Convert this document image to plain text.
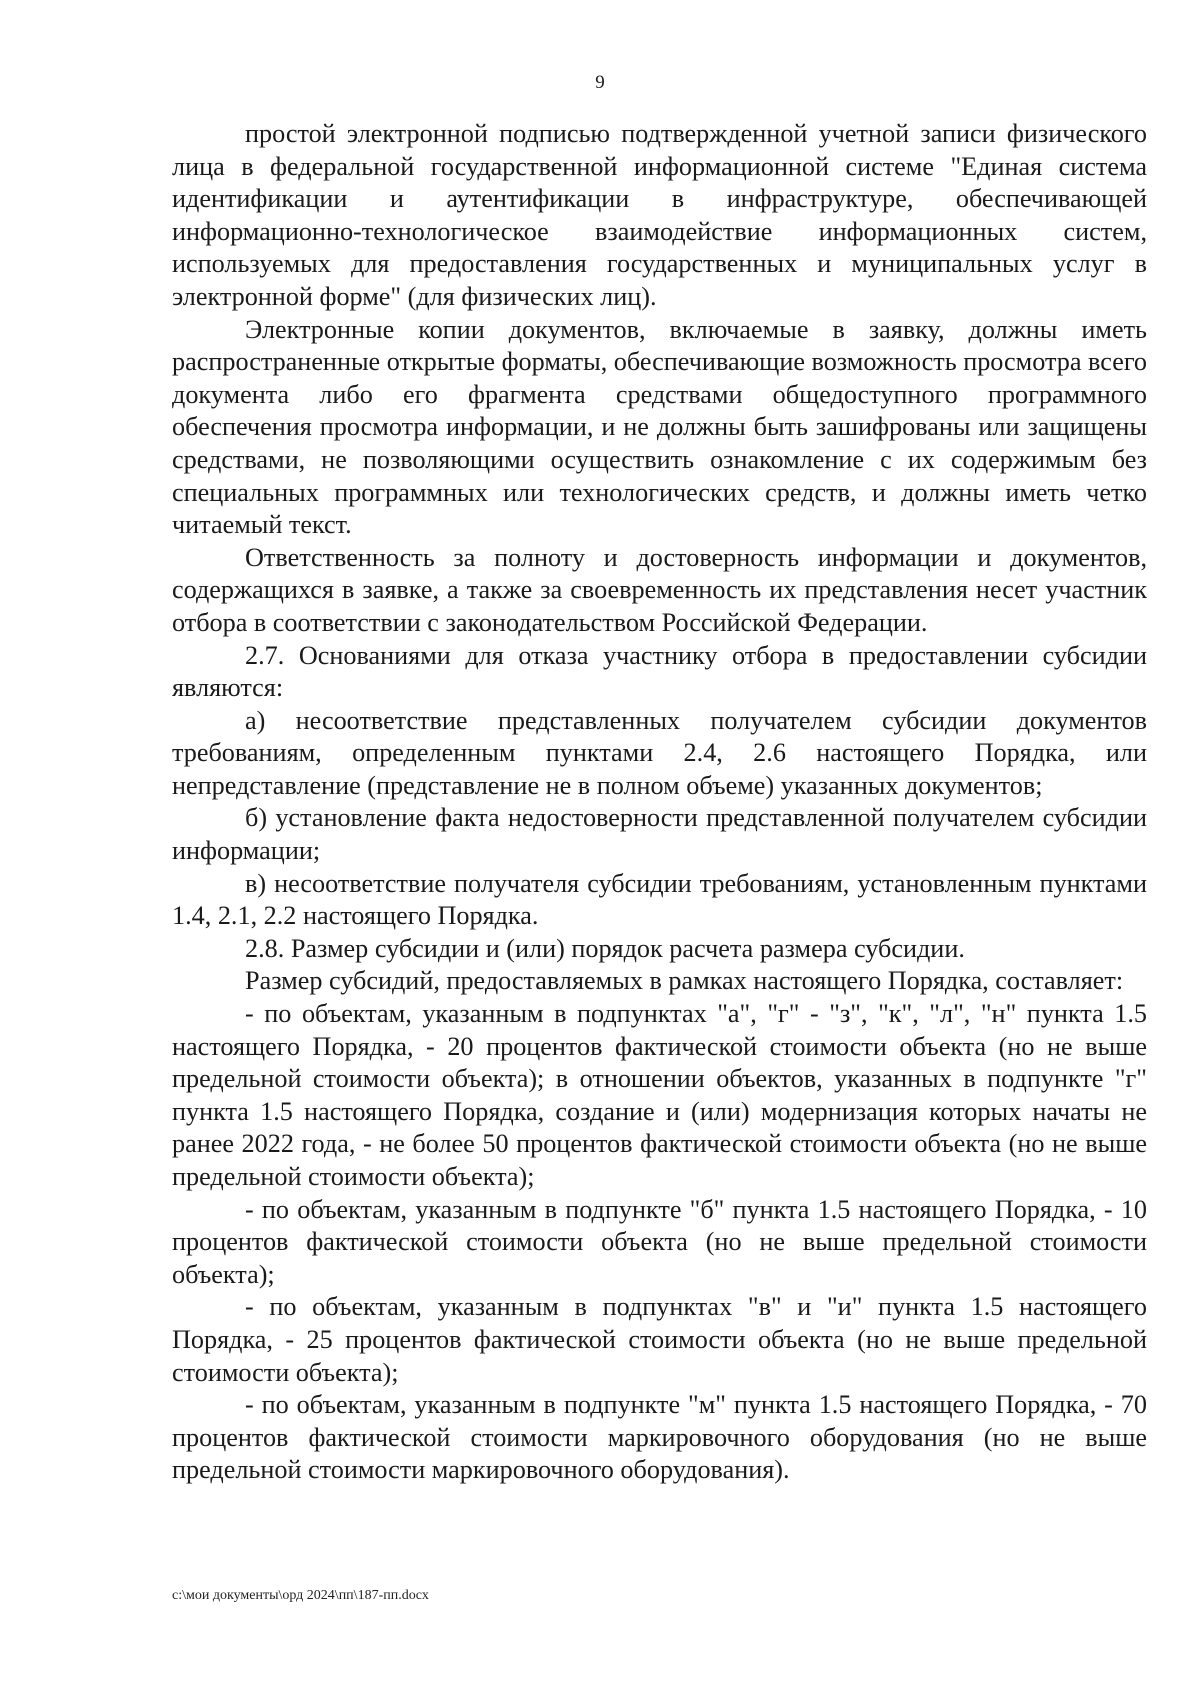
9

простой электронной подписью подтвержденной учетной записи физического лица в федеральной государственной информационной системе "Единая система идентификации и аутентификации в инфраструктуре, обеспечивающей информационно-технологическое взаимодействие информационных систем, используемых для предоставления государственных и муниципальных услуг в электронной форме" (для физических лиц).

Электронные копии документов, включаемые в заявку, должны иметь распространенные открытые форматы, обеспечивающие возможность просмотра всего документа либо его фрагмента средствами общедоступного программного обеспечения просмотра информации, и не должны быть зашифрованы или защищены средствами, не позволяющими осуществить ознакомление с их содержимым без специальных программных или технологических средств, и должны иметь четко читаемый текст.

Ответственность за полноту и достоверность информации и документов, содержащихся в заявке, а также за своевременность их представления несет участник отбора в соответствии с законодательством Российской Федерации.

2.7. Основаниями для отказа участнику отбора в предоставлении субсидии являются:

а) несоответствие представленных получателем субсидии документов требованиям, определенным пунктами 2.4, 2.6 настоящего Порядка, или непредставление (представление не в полном объеме) указанных документов;

б) установление факта недостоверности представленной получателем субсидии информации;

в) несоответствие получателя субсидии требованиям, установленным пунктами 1.4, 2.1, 2.2 настоящего Порядка.

2.8. Размер субсидии и (или) порядок расчета размера субсидии.

Размер субсидий, предоставляемых в рамках настоящего Порядка, составляет:

- по объектам, указанным в подпунктах "а", "г" - "з", "к", "л", "н" пункта 1.5 настоящего Порядка, - 20 процентов фактической стоимости объекта (но не выше предельной стоимости объекта); в отношении объектов, указанных в подпункте "г" пункта 1.5 настоящего Порядка, создание и (или) модернизация которых начаты не ранее 2022 года, - не более 50 процентов фактической стоимости объекта (но не выше предельной стоимости объекта);

- по объектам, указанным в подпункте "б" пункта 1.5 настоящего Порядка, - 10 процентов фактической стоимости объекта (но не выше предельной стоимости объекта);

- по объектам, указанным в подпунктах "в" и "и" пункта 1.5 настоящего Порядка, - 25 процентов фактической стоимости объекта (но не выше предельной стоимости объекта);

- по объектам, указанным в подпункте "м" пункта 1.5 настоящего Порядка, - 70 процентов фактической стоимости маркировочного оборудования (но не выше предельной стоимости маркировочного оборудования).

c:\мои документы\орд 2024\пп\187-пп.docx
